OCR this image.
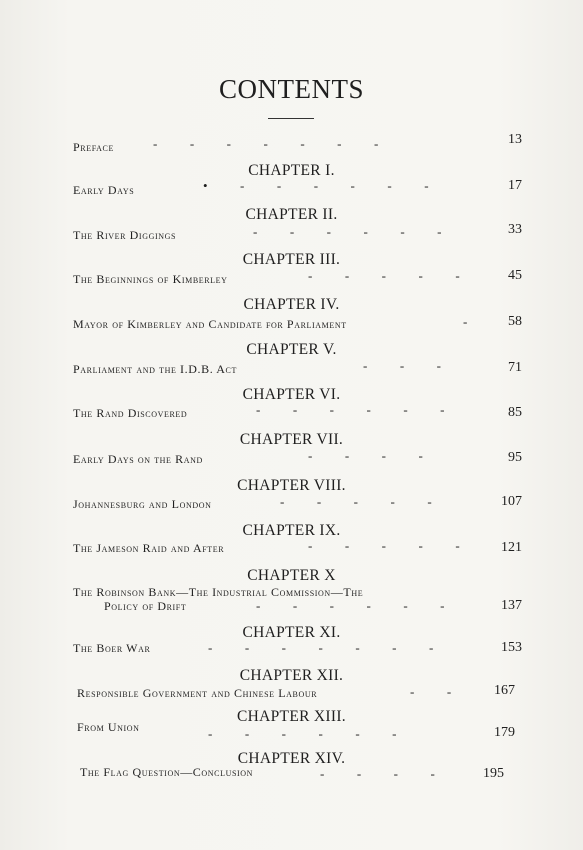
CONTENTS
Preface	-          -          -          -          -          -          -	13
CHAPTER I.
Early Days	•          -          -          -          -          -          -	17
CHAPTER II.
The River Diggings	-          -          -          -          -          -	33
CHAPTER III.
The Beginnings of Kimberley	-          -          -          -          -	45
CHAPTER IV.
Mayor of Kimberley and Candidate for Parliament	-	58
CHAPTER V.
Parliament and the I.D.B. Act	-          -          -	71
CHAPTER VI.
The Rand Discovered	-          -          -          -          -          -	85
CHAPTER VII.
Early Days on the Rand	-          -          -          -	95
CHAPTER VIII.
Johannesburg and London	-          -          -          -          -	107
CHAPTER IX.
The Jameson Raid and After	-          -          -          -          -	121
CHAPTER X
The Robinson Bank—The Industrial Commission—The
Policy of Drift	-          -          -          -          -          -	137
CHAPTER XI.
The Boer War	-          -          -          -          -          -          -	153
CHAPTER XII.
Responsible Government and Chinese Labour	-          -	167
CHAPTER XIII.
From Union	-          -          -          -          -          -	179
CHAPTER XIV.
The Flag Question—Conclusion	-          -          -          -	195
